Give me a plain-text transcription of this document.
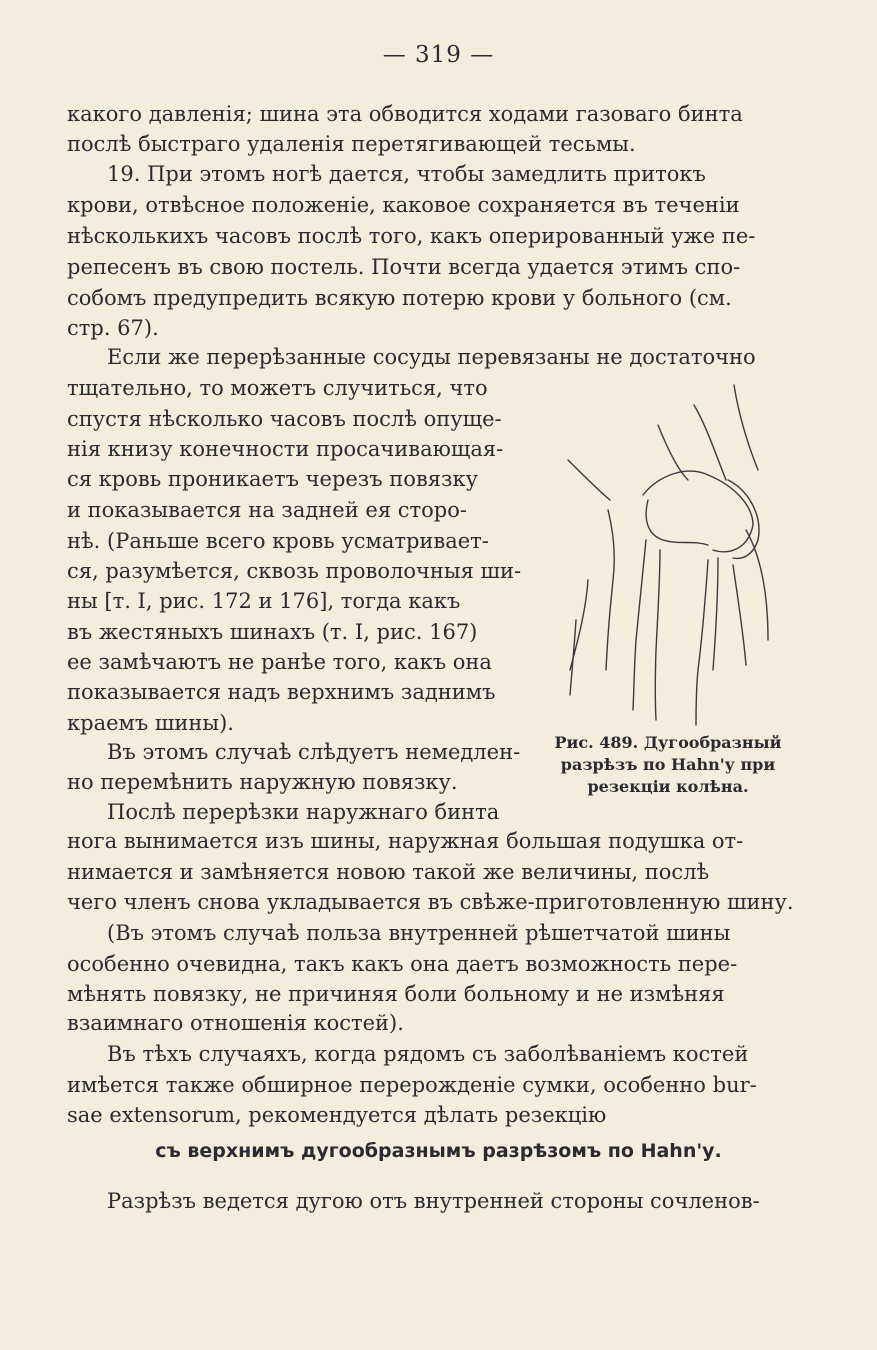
— 319 —
какого давленія; шина эта обводится ходами газоваго бинта
послѣ быстраго удаленія перетягивающей тесьмы.
19. При этомъ ногѣ дается, чтобы замедлить притокъ
крови, отвѣсное положеніе, каковое сохраняется въ теченіи
нѣсколькихъ часовъ послѣ того, какъ оперированный уже пе-
репесенъ въ свою постель. Почти всегда удается этимъ спо-
собомъ предупредить всякую потерю крови у больного (см.
стр. 67).
Если же перерѣзанные сосуды перевязаны не достаточно
тщательно, то можетъ случиться, что
спустя нѣсколько часовъ послѣ опуще-
нія книзу конечности просачивающая-
ся кровь проникаетъ черезъ повязку
и показывается на задней ея сторо-
нѣ. (Раньше всего кровь усматривает-
ся, разумѣется, сквозь проволочныя ши-
ны [т. I, рис. 172 и 176], тогда какъ
въ жестяныхъ шинахъ (т. I, рис. 167)
ее замѣчаютъ не ранѣе того, какъ она
показывается надъ верхнимъ заднимъ
краемъ шины).
Въ этомъ случаѣ слѣдуетъ немедлен-
но перемѣнить наружную повязку.
Послѣ перерѣзки наружнаго бинта
нога вынимается изъ шины, наружная большая подушка от-
нимается и замѣняется новою такой же величины, послѣ
чего членъ снова укладывается въ свѣже-приготовленную шину.
(Въ этомъ случаѣ польза внутренней рѣшетчатой шины
особенно очевидна, такъ какъ она даетъ возможность пере-
мѣнять повязку, не причиняя боли больному и не измѣняя
взаимнаго отношенія костей).
Въ тѣхъ случаяхъ, когда рядомъ съ заболѣваніемъ костей
имѣется также обширное перерожденіе сумки, особенно bur-
sae extensorum, рекомендуется дѣлать резекцію
Рис. 489. Дугообразный
разрѣзъ по Hahn'у при
резекціи колѣна.
съ верхнимъ дугообразнымъ разрѣзомъ по Hahn'у.
Разрѣзъ ведется дугою отъ внутренней стороны сочленов-
